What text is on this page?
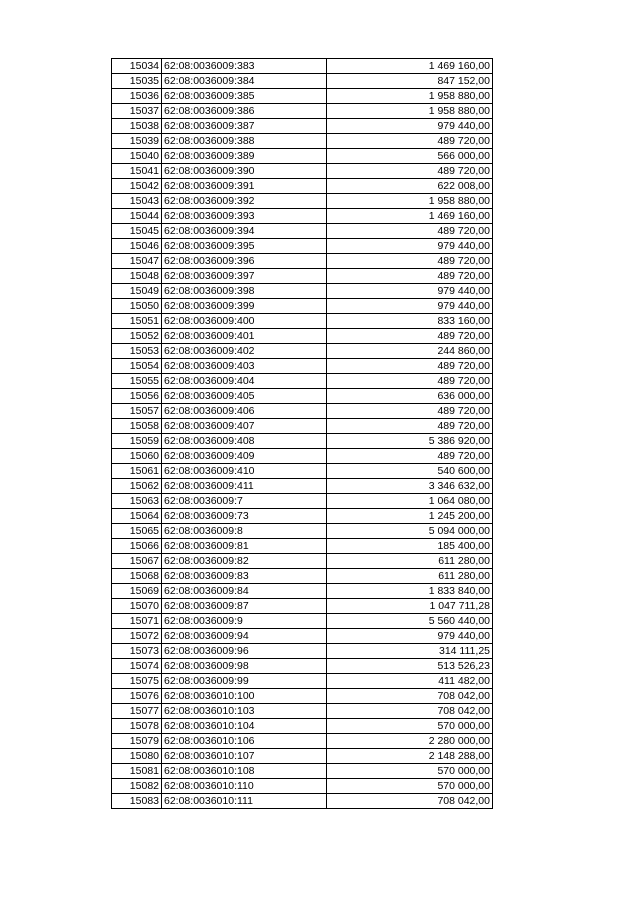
15034	62:08:0036009:383	1 469 160,00
15035	62:08:0036009:384	847 152,00
15036	62:08:0036009:385	1 958 880,00
15037	62:08:0036009:386	1 958 880,00
15038	62:08:0036009:387	979 440,00
15039	62:08:0036009:388	489 720,00
15040	62:08:0036009:389	566 000,00
15041	62:08:0036009:390	489 720,00
15042	62:08:0036009:391	622 008,00
15043	62:08:0036009:392	1 958 880,00
15044	62:08:0036009:393	1 469 160,00
15045	62:08:0036009:394	489 720,00
15046	62:08:0036009:395	979 440,00
15047	62:08:0036009:396	489 720,00
15048	62:08:0036009:397	489 720,00
15049	62:08:0036009:398	979 440,00
15050	62:08:0036009:399	979 440,00
15051	62:08:0036009:400	833 160,00
15052	62:08:0036009:401	489 720,00
15053	62:08:0036009:402	244 860,00
15054	62:08:0036009:403	489 720,00
15055	62:08:0036009:404	489 720,00
15056	62:08:0036009:405	636 000,00
15057	62:08:0036009:406	489 720,00
15058	62:08:0036009:407	489 720,00
15059	62:08:0036009:408	5 386 920,00
15060	62:08:0036009:409	489 720,00
15061	62:08:0036009:410	540 600,00
15062	62:08:0036009:411	3 346 632,00
15063	62:08:0036009:7	1 064 080,00
15064	62:08:0036009:73	1 245 200,00
15065	62:08:0036009:8	5 094 000,00
15066	62:08:0036009:81	185 400,00
15067	62:08:0036009:82	611 280,00
15068	62:08:0036009:83	611 280,00
15069	62:08:0036009:84	1 833 840,00
15070	62:08:0036009:87	1 047 711,28
15071	62:08:0036009:9	5 560 440,00
15072	62:08:0036009:94	979 440,00
15073	62:08:0036009:96	314 111,25
15074	62:08:0036009:98	513 526,23
15075	62:08:0036009:99	411 482,00
15076	62:08:0036010:100	708 042,00
15077	62:08:0036010:103	708 042,00
15078	62:08:0036010:104	570 000,00
15079	62:08:0036010:106	2 280 000,00
15080	62:08:0036010:107	2 148 288,00
15081	62:08:0036010:108	570 000,00
15082	62:08:0036010:110	570 000,00
15083	62:08:0036010:111	708 042,00
